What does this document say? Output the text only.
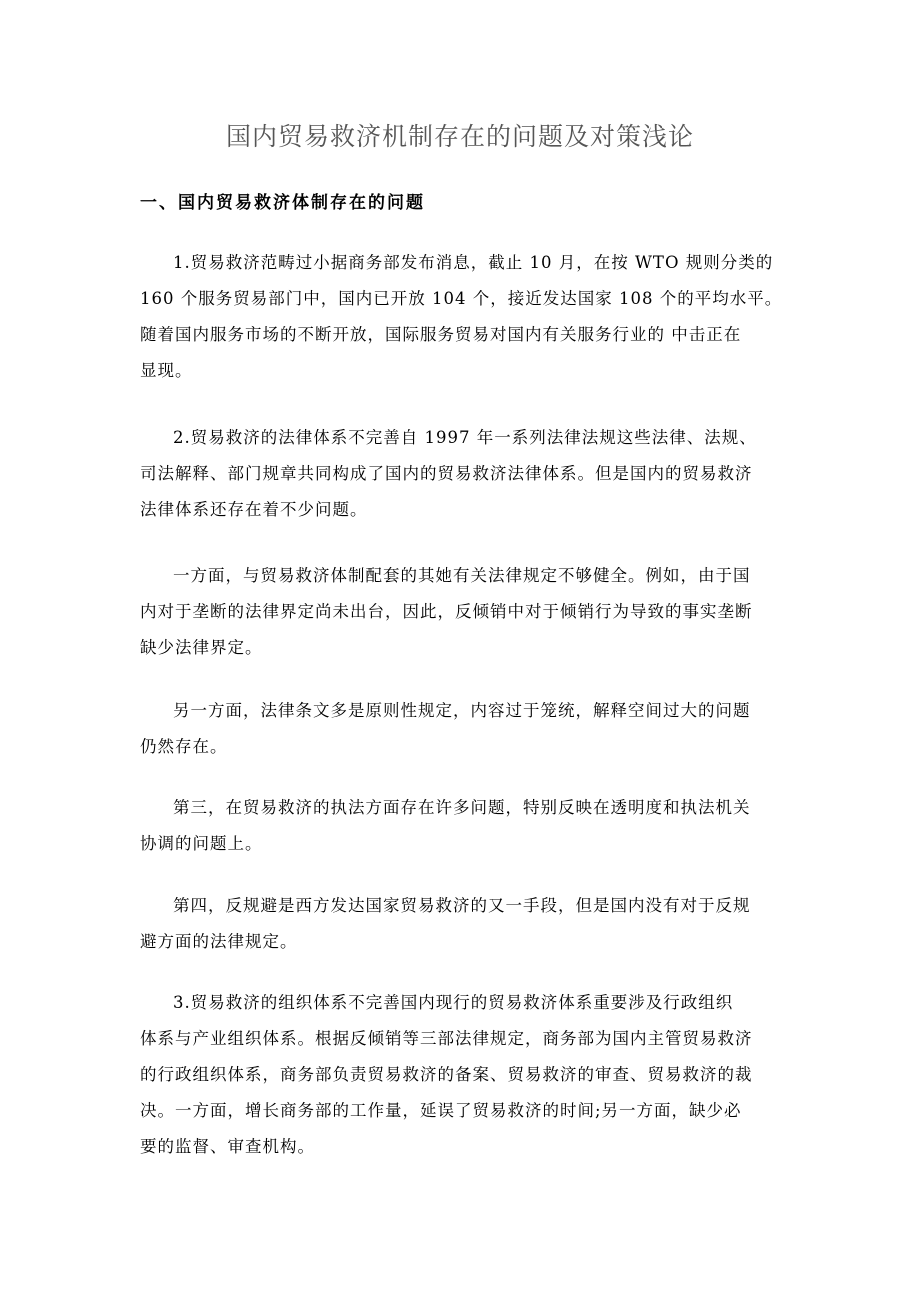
国内贸易救济机制存在的问题及对策浅论
一、国内贸易救济体制存在的问题

1.贸易救济范畴过小据商务部发布消息，截止 10 月，在按 WTO 规则分类的
160 个服务贸易部门中，国内已开放 104 个，接近发达国家 108 个的平均水平。
随着国内服务市场的不断开放，国际服务贸易对国内有关服务行业的 中击正在
显现。

2.贸易救济的法律体系不完善自 1997 年一系列法律法规这些法律、法规、
司法解释、部门规章共同构成了国内的贸易救济法律体系。但是国内的贸易救济
法律体系还存在着不少问题。

一方面，与贸易救济体制配套的其她有关法律规定不够健全。例如，由于国
内对于垄断的法律界定尚未出台，因此，反倾销中对于倾销行为导致的事实垄断
缺少法律界定。

另一方面，法律条文多是原则性规定，内容过于笼统，解释空间过大的问题
仍然存在。

第三，在贸易救济的执法方面存在许多问题，特别反映在透明度和执法机关
协调的问题上。

第四，反规避是西方发达国家贸易救济的又一手段，但是国内没有对于反规
避方面的法律规定。

3.贸易救济的组织体系不完善国内现行的贸易救济体系重要涉及行政组织
体系与产业组织体系。根据反倾销等三部法律规定，商务部为国内主管贸易救济
的行政组织体系，商务部负责贸易救济的备案、贸易救济的审查、贸易救济的裁
决。一方面，增长商务部的工作量，延误了贸易救济的时间;另一方面，缺少必
要的监督、审查机构。
